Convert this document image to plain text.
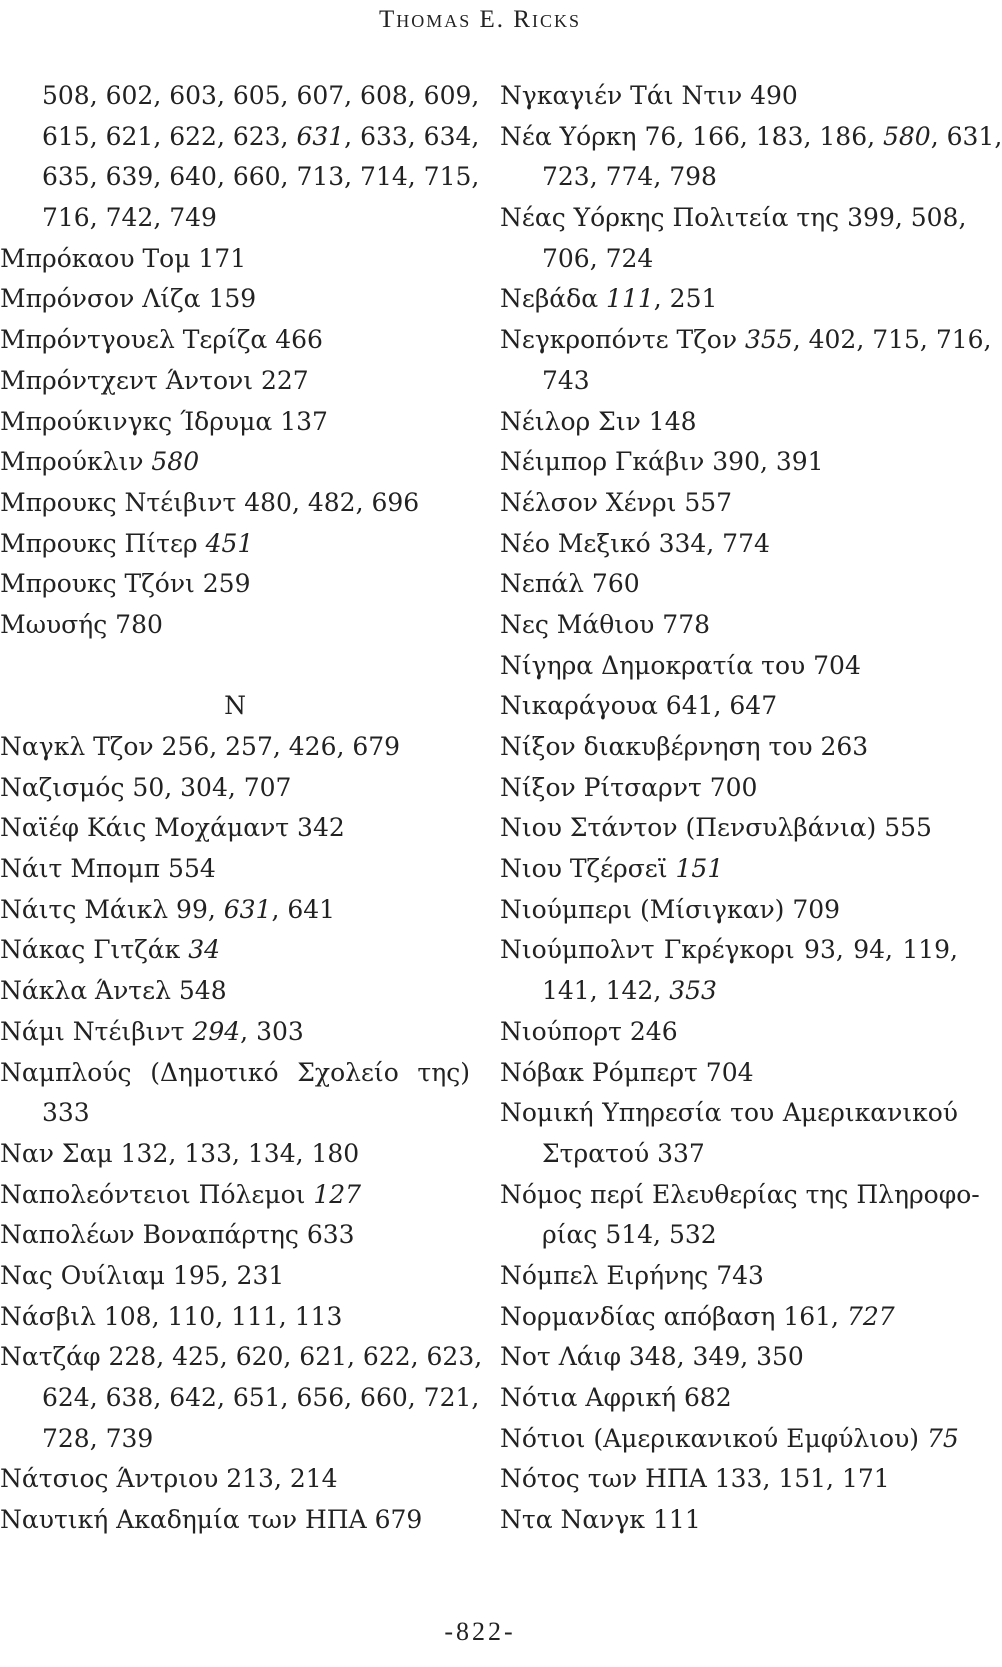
Thomas E. Ricks
508, 602, 603, 605, 607, 608, 609,
615, 621, 622, 623, 631, 633, 634,
635, 639, 640, 660, 713, 714, 715,
716, 742, 749
Μπρόκαου Τομ 171
Μπρόνσον Λίζα 159
Μπρόντγουελ Τερίζα 466
Μπρόντχεντ Άντονι 227
Μπρούκινγκς Ίδρυμα 137
Μπρούκλιν 580
Μπρουκς Ντέιβιντ 480, 482, 696
Μπρουκς Πίτερ 451
Μπρουκς Τζόνι 259
Μωυσής 780
Ν
Ναγκλ Τζον 256, 257, 426, 679
Ναζισμός 50, 304, 707
Ναϊέφ Κάις Μοχάμαντ 342
Νάιτ Μπομπ 554
Νάιτς Μάικλ 99, 631, 641
Νάκας Γιτζάκ 34
Νάκλα Άντελ 548
Νάμι Ντέιβιντ 294, 303
Ναμπλούς (Δημοτικό Σχολείο της)
333
Ναν Σαμ 132, 133, 134, 180
Ναπολεόντειοι Πόλεμοι 127
Ναπολέων Βοναπάρτης 633
Νας Ουίλιαμ 195, 231
Νάσβιλ 108, 110, 111, 113
Νατζάφ 228, 425, 620, 621, 622, 623,
624, 638, 642, 651, 656, 660, 721,
728, 739
Νάτσιος Άντριου 213, 214
Ναυτική Ακαδημία των ΗΠΑ 679
Νγκαγιέν Τάι Ντιν 490
Νέα Υόρκη 76, 166, 183, 186, 580, 631,
723, 774, 798
Νέας Υόρκης Πολιτεία της 399, 508,
706, 724
Νεβάδα 111, 251
Νεγκροπόντε Τζον 355, 402, 715, 716,
743
Νέιλορ Σιν 148
Νέιμπορ Γκάβιν 390, 391
Νέλσον Χένρι 557
Νέο Μεξικό 334, 774
Νεπάλ 760
Νες Μάθιου 778
Νίγηρα Δημοκρατία του 704
Νικαράγουα 641, 647
Νίξον διακυβέρνηση του 263
Νίξον Ρίτσαρντ 700
Νιου Στάντον (Πενσυλβάνια) 555
Νιου Τζέρσεϊ 151
Νιούμπερι (Μίσιγκαν) 709
Νιούμπολντ Γκρέγκορι 93, 94, 119,
141, 142, 353
Νιούπορτ 246
Νόβακ Ρόμπερτ 704
Νομική Υπηρεσία του Αμερικανικού
Στρατού 337
Νόμος περί Ελευθερίας της Πληροφο-
ρίας 514, 532
Νόμπελ Ειρήνης 743
Νορμανδίας απόβαση 161, 727
Νοτ Λάιφ 348, 349, 350
Νότια Αφρική 682
Νότιοι (Αμερικανικού Εμφύλιου) 75
Νότος των ΗΠΑ 133, 151, 171
Ντα Νανγκ 111
-822-
